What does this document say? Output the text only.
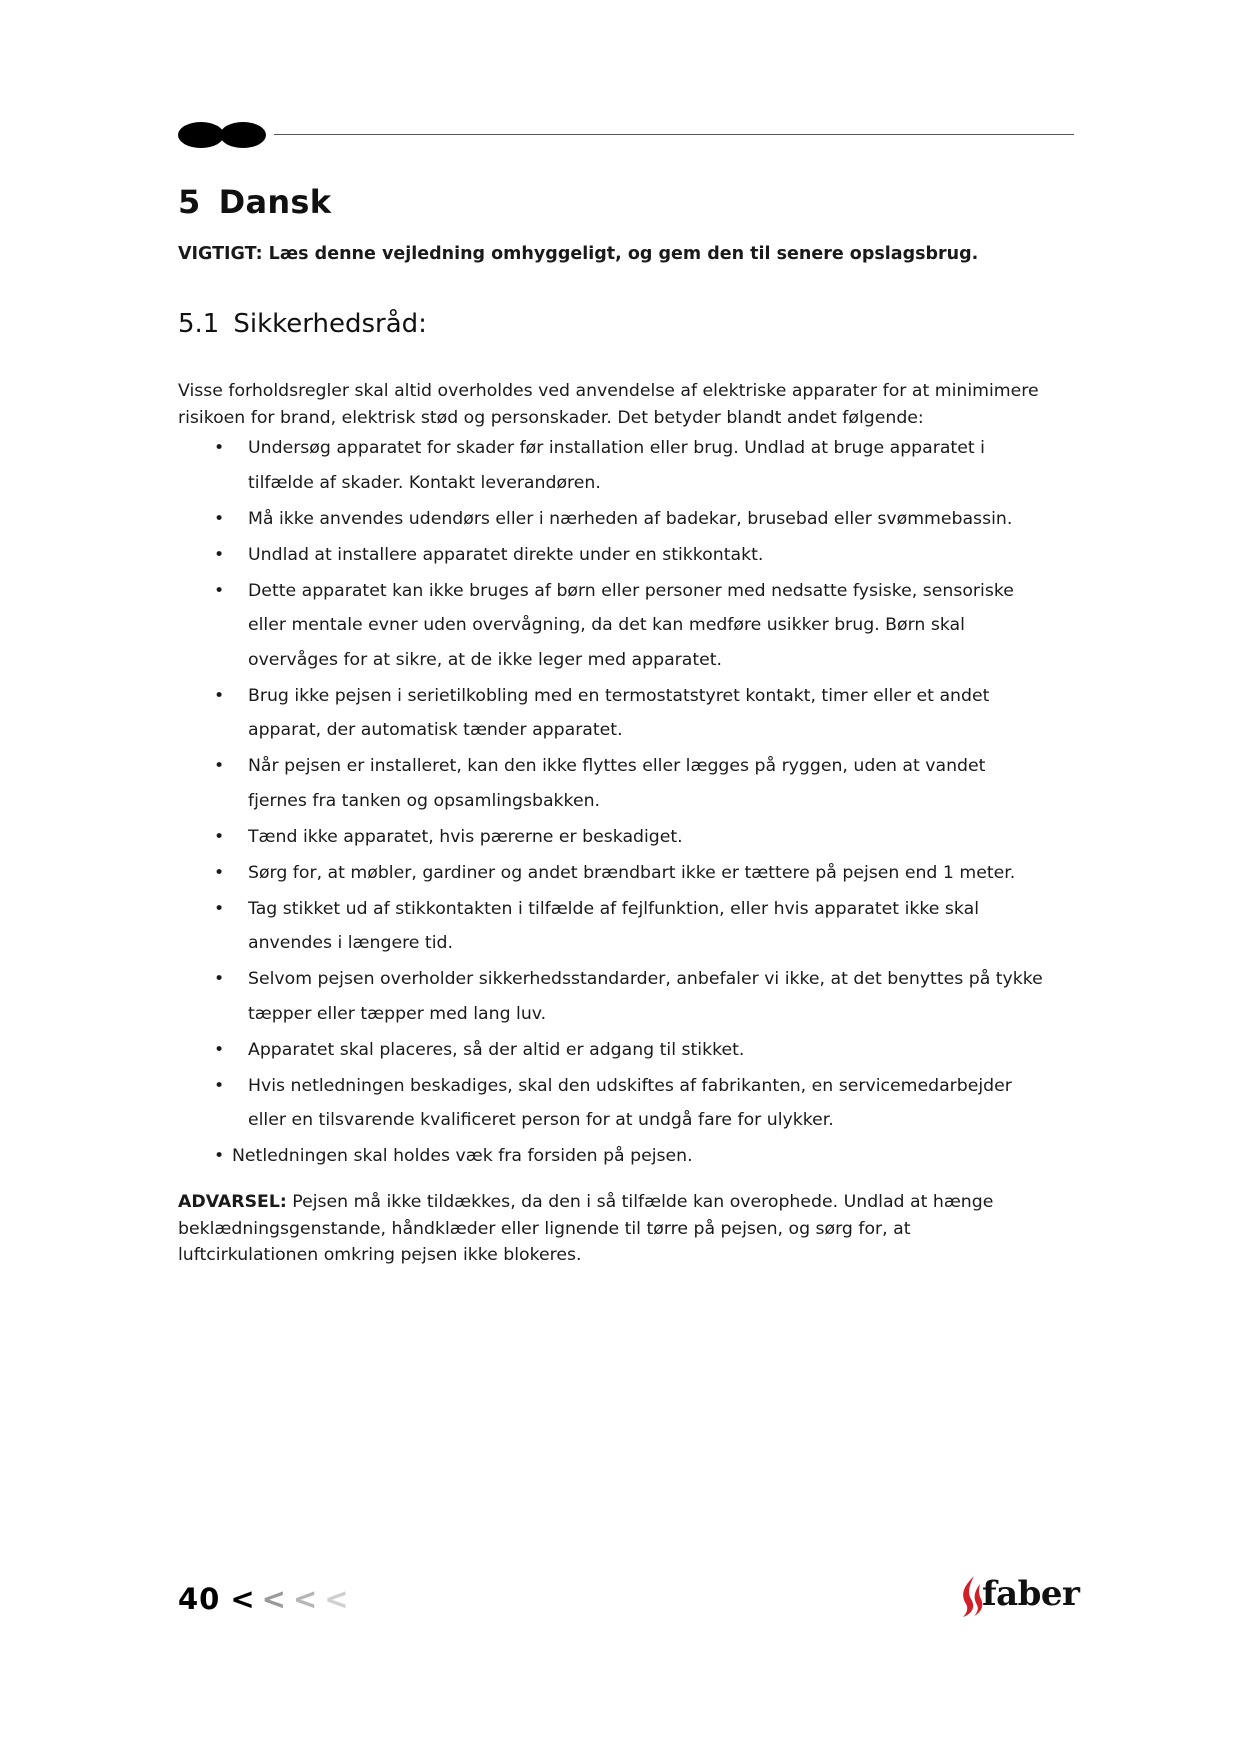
5 Dansk
VIGTIGT: Læs denne vejledning omhyggeligt, og gem den til senere opslagsbrug.
5.1 Sikkerhedsråd:

Visse forholdsregler skal altid overholdes ved anvendelse af elektriske apparater for at minimimere
risikoen for brand, elektrisk stød og personskader. Det betyder blandt andet følgende:

• Undersøg apparatet for skader før installation eller brug. Undlad at bruge apparatet i
tilfælde af skader. Kontakt leverandøren.
• Må ikke anvendes udendørs eller i nærheden af badekar, brusebad eller svømmebassin.
• Undlad at installere apparatet direkte under en stikkontakt.
• Dette apparatet kan ikke bruges af børn eller personer med nedsatte fysiske, sensoriske
eller mentale evner uden overvågning, da det kan medføre usikker brug. Børn skal
overvåges for at sikre, at de ikke leger med apparatet.
• Brug ikke pejsen i serietilkobling med en termostatstyret kontakt, timer eller et andet
apparat, der automatisk tænder apparatet.
• Når pejsen er installeret, kan den ikke flyttes eller lægges på ryggen, uden at vandet
fjernes fra tanken og opsamlingsbakken.
• Tænd ikke apparatet, hvis pærerne er beskadiget.
• Sørg for, at møbler, gardiner og andet brændbart ikke er tættere på pejsen end 1 meter.
• Tag stikket ud af stikkontakten i tilfælde af fejlfunktion, eller hvis apparatet ikke skal
anvendes i længere tid.
• Selvom pejsen overholder sikkerhedsstandarder, anbefaler vi ikke, at det benyttes på tykke
tæpper eller tæpper med lang luv.
• Apparatet skal placeres, så der altid er adgang til stikket.
• Hvis netledningen beskadiges, skal den udskiftes af fabrikanten, en servicemedarbejder
eller en tilsvarende kvalificeret person for at undgå fare for ulykker.
• Netledningen skal holdes væk fra forsiden på pejsen.

ADVARSEL: Pejsen må ikke tildækkes, da den i så tilfælde kan overophede. Undlad at hænge
beklædningsgenstande, håndklæder eller lignende til tørre på pejsen, og sørg for, at
luftcirkulationen omkring pejsen ikke blokeres.

40 < < < <	faber
